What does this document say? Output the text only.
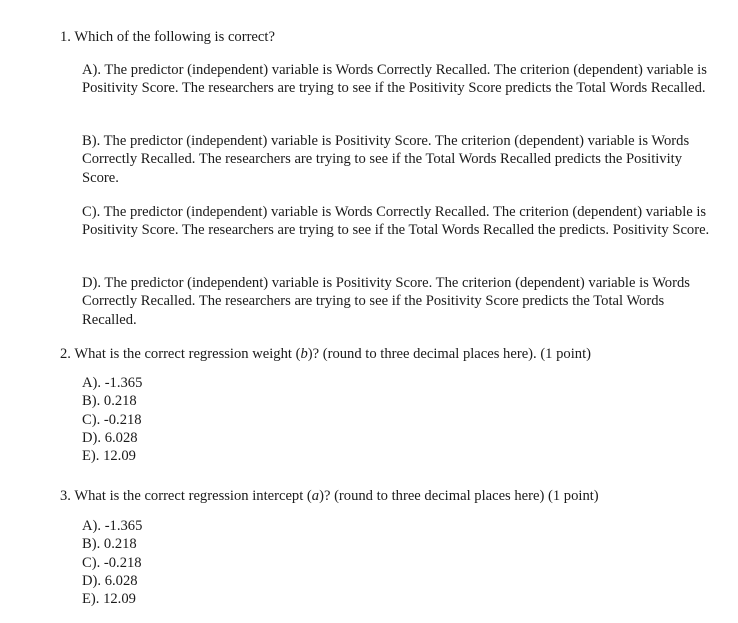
1. Which of the following is correct?
A). The predictor (independent) variable is Words Correctly Recalled. The criterion (dependent) variable is Positivity Score. The researchers are trying to see if the Positivity Score predicts the Total Words Recalled.
B). The predictor (independent) variable is Positivity Score. The criterion (dependent) variable is Words Correctly Recalled. The researchers are trying to see if the Total Words Recalled predicts the Positivity Score.
C). The predictor (independent) variable is Words Correctly Recalled. The criterion (dependent) variable is Positivity Score. The researchers are trying to see if the Total Words Recalled the predicts. Positivity Score.
D). The predictor (independent) variable is Positivity Score. The criterion (dependent) variable is Words Correctly Recalled. The researchers are trying to see if the Positivity Score predicts the Total Words Recalled.
2. What is the correct regression weight (b)? (round to three decimal places here). (1 point)
A). -1.365
B). 0.218
C). -0.218
D). 6.028
E). 12.09
3. What is the correct regression intercept (a)? (round to three decimal places here) (1 point)
A). -1.365
B). 0.218
C). -0.218
D). 6.028
E). 12.09
